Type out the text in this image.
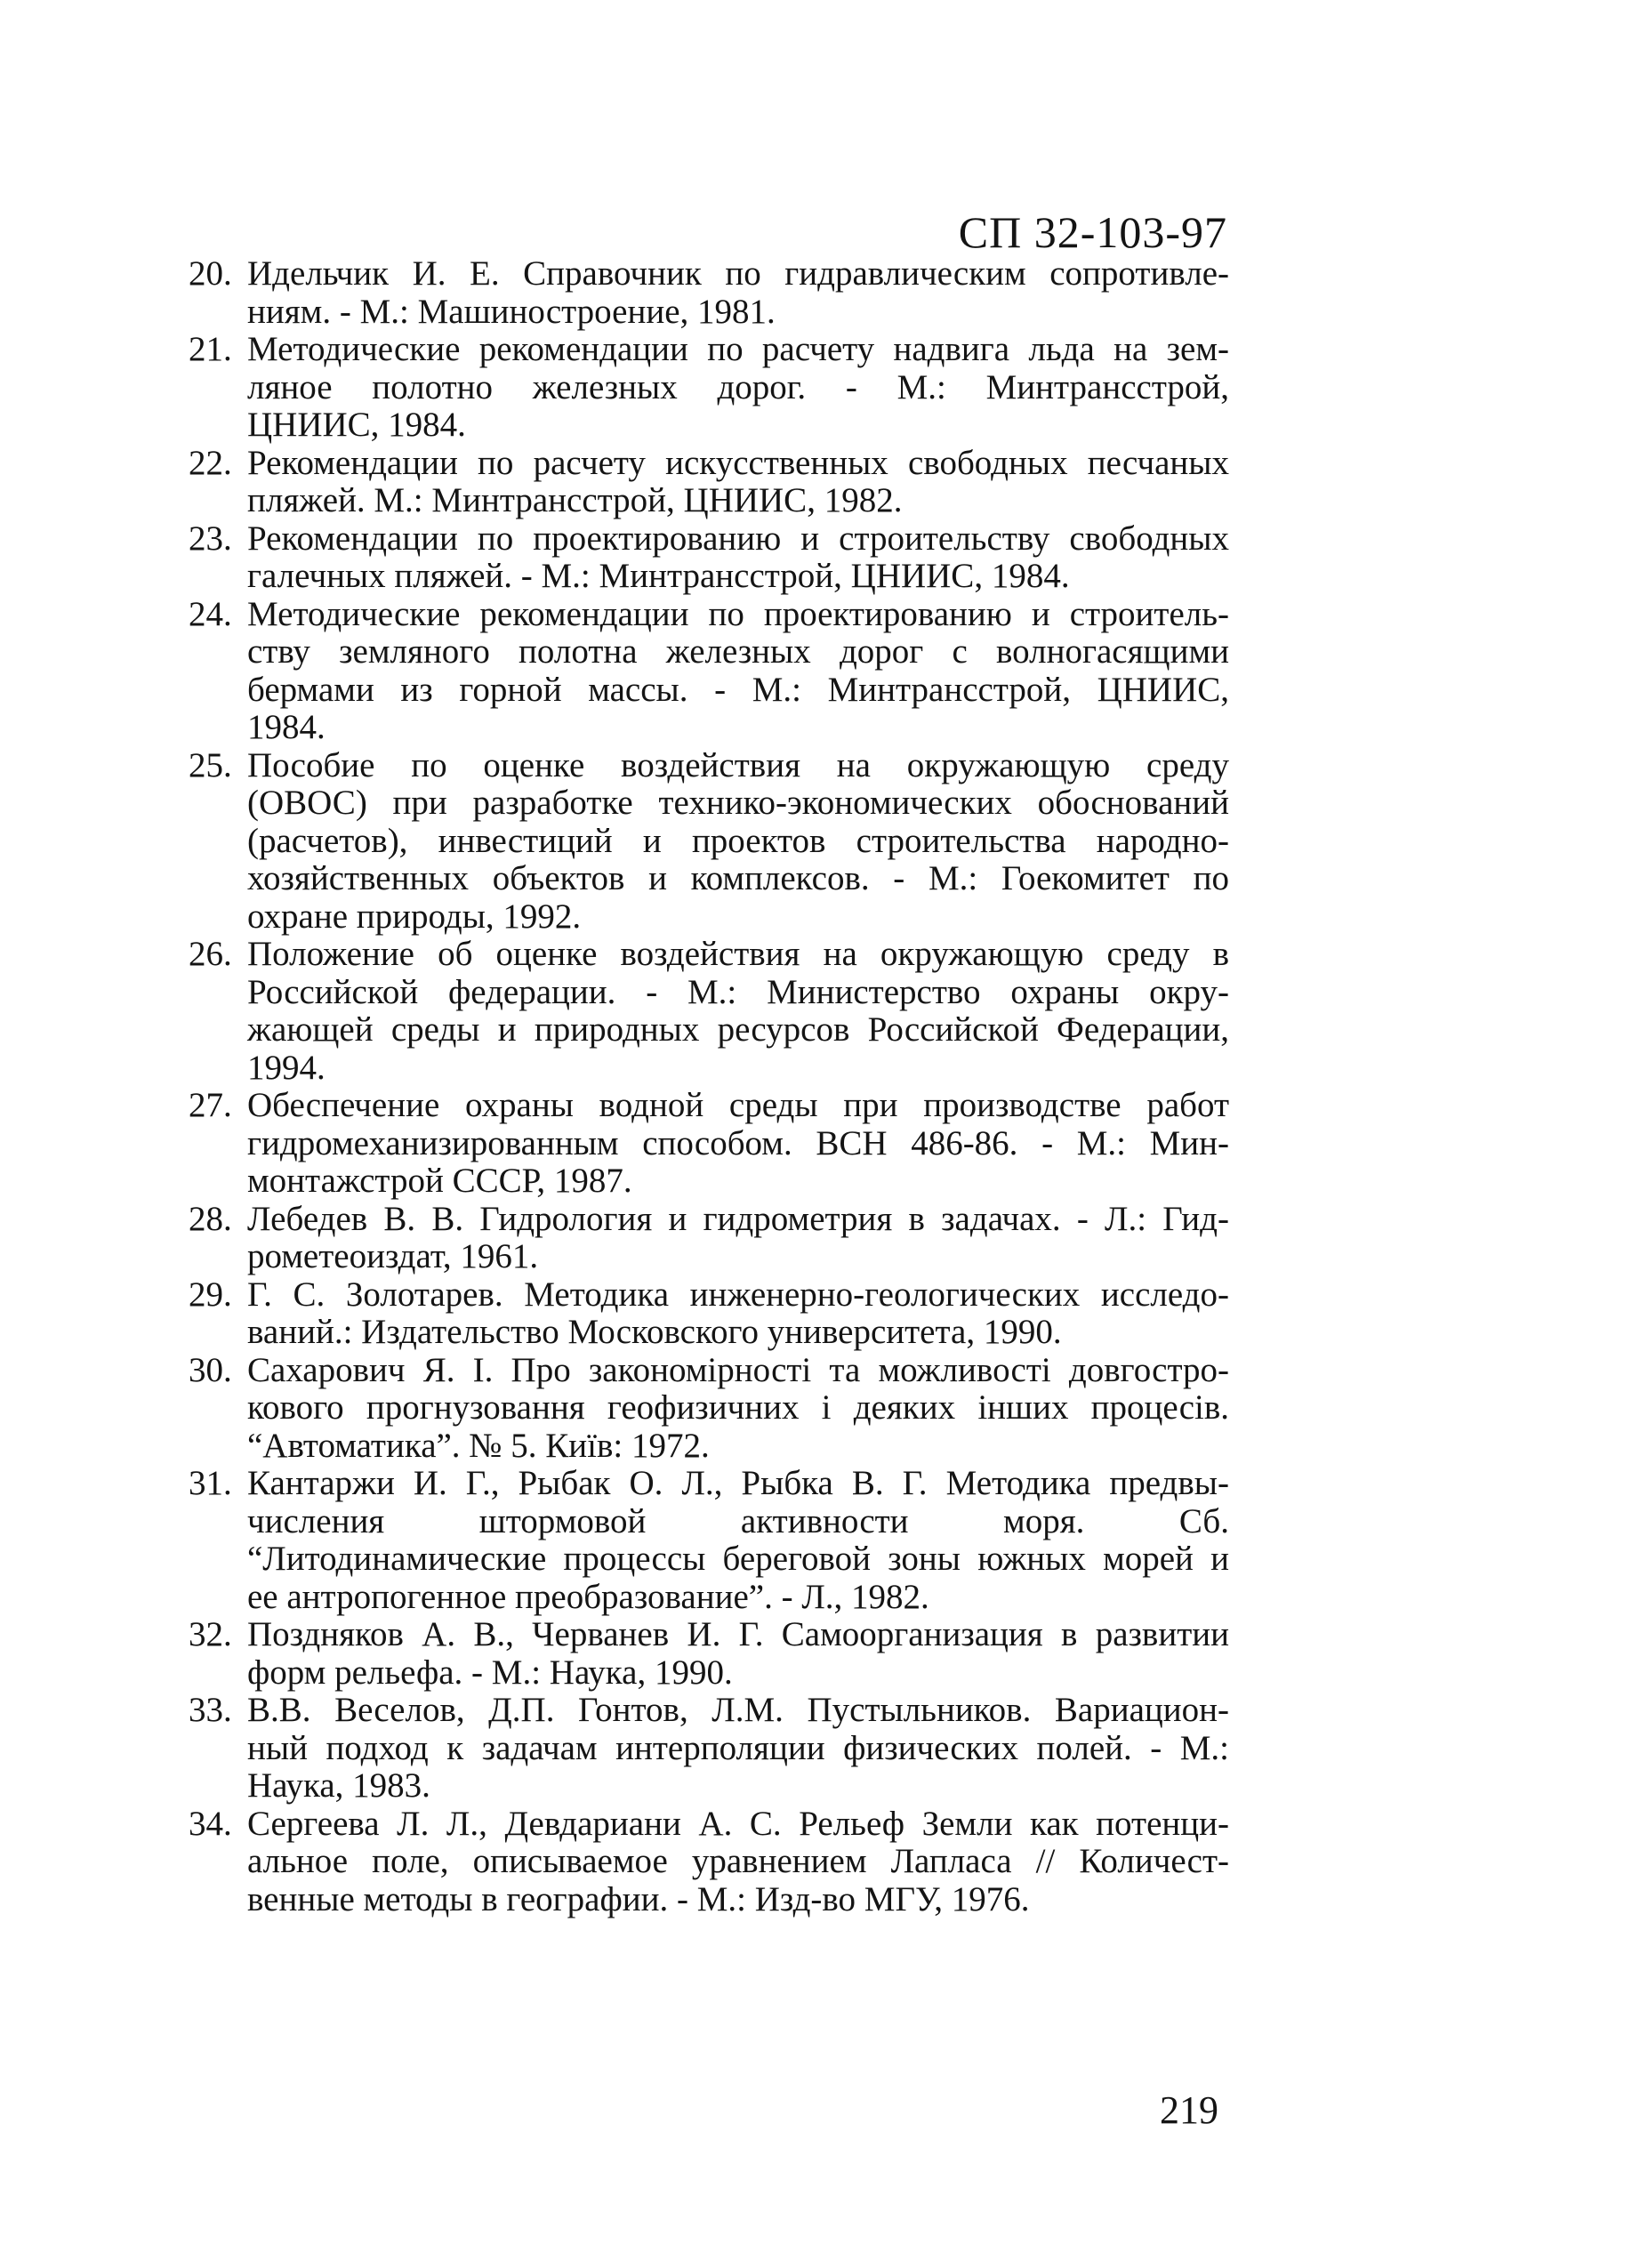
СП 32-103-97
20. Идельчик И. Е. Справочник по гидравлическим сопротивле-
ниям. - М.: Машиностроение, 1981.
21. Методические рекомендации по расчету надвига льда на зем-
ляное полотно железных дорог. - М.: Минтрансстрой,
ЦНИИС, 1984.
22. Рекомендации по расчету искусственных свободных песчаных
пляжей. М.: Минтрансстрой, ЦНИИС, 1982.
23. Рекомендации по проектированию и строительству свободных
галечных пляжей. - М.: Минтрансстрой, ЦНИИС, 1984.
24. Методические рекомендации по проектированию и строитель-
ству земляного полотна железных дорог с волногасящими
бермами из горной массы. - М.: Минтрансстрой, ЦНИИС,
1984.
25. Пособие по оценке воздействия на окружающую среду
(ОВОС) при разработке технико-экономических обоснований
(расчетов), инвестиций и проектов строительства народно-
хозяйственных объектов и комплексов. - М.: Гоекомитет по
охране природы, 1992.
26. Положение об оценке воздействия на окружающую среду в
Российской федерации. - М.: Министерство охраны окру-
жающей среды и природных ресурсов Российской Федерации,
1994.
27. Обеспечение охраны водной среды при производстве работ
гидромеханизированным способом. ВСН 486-86. - М.: Мин-
монтажстрой СССР, 1987.
28. Лебедев В. В. Гидрология и гидрометрия в задачах. - Л.: Гид-
рометеоиздат, 1961.
29. Г. С. Золотарев. Методика инженерно-геологических исследо-
ваний.: Издательство Московского университета, 1990.
30. Сахарович Я. І. Про закономірності та можливості довгостро-
кового прогнузовання геофизичних і деяких інших процесів.
“Автоматика”. № 5. Київ: 1972.
31. Кантаржи И. Г., Рыбак О. Л., Рыбка В. Г. Методика предвы-
числения штормовой активности моря. Сб.
“Литодинамические процессы береговой зоны южных морей и
ее антропогенное преобразование”. - Л., 1982.
32. Поздняков А. В., Черванев И. Г. Самоорганизация в развитии
форм рельефа. - М.: Наука, 1990.
33. В.В. Веселов, Д.П. Гонтов, Л.М. Пустыльников. Вариацион-
ный подход к задачам интерполяции физических полей. - М.:
Наука, 1983.
34. Сергеева Л. Л., Девдариани А. С. Рельеф Земли как потенци-
альное поле, описываемое уравнением Лапласа // Количест-
венные методы в географии. - М.: Изд-во МГУ, 1976.
219
